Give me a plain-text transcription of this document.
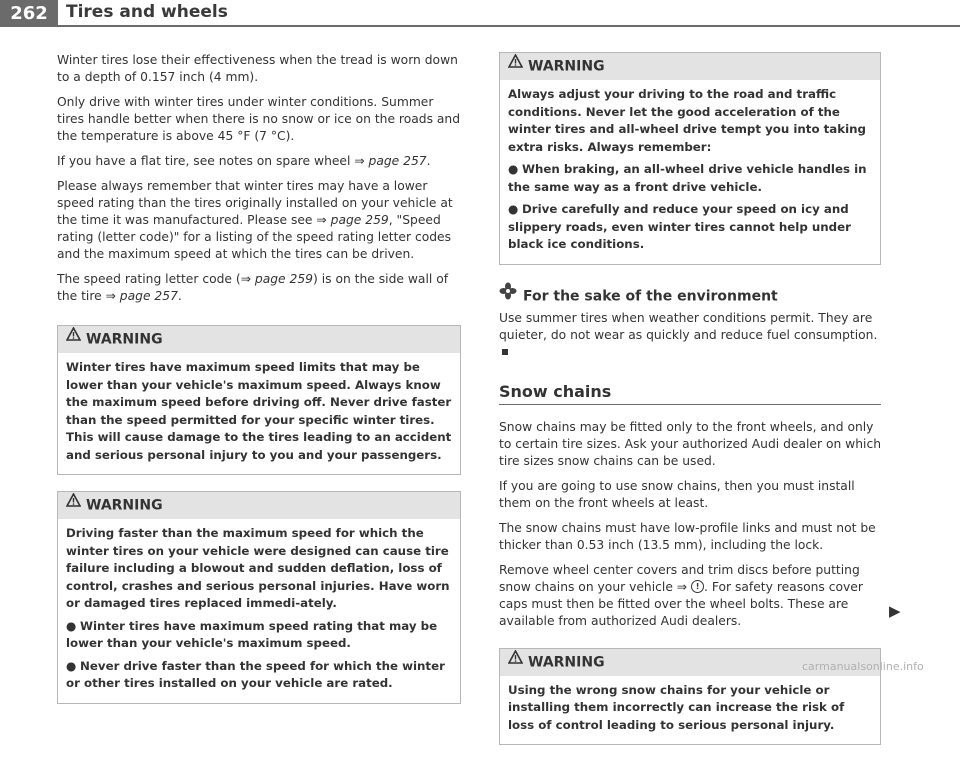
262	Tires and wheels

Winter tires lose their effectiveness when the tread is worn down to a depth of 0.157 inch (4 mm).

Only drive with winter tires under winter conditions. Summer tires handle better when there is no snow or ice on the roads and the temperature is above 45 °F (7 °C).

If you have a flat tire, see notes on spare wheel ⇒ page 257.

Please always remember that winter tires may have a lower speed rating than the tires originally installed on your vehicle at the time it was manufactured. Please see ⇒ page 259, "Speed rating (letter code)" for a listing of the speed rating letter codes and the maximum speed at which the tires can be driven.

The speed rating letter code (⇒ page 259) is on the side wall of the tire ⇒ page 257.

WARNING

Winter tires have maximum speed limits that may be lower than your vehicle's maximum speed. Always know the maximum speed before driving off. Never drive faster than the speed permitted for your specific winter tires. This will cause damage to the tires leading to an accident and serious personal injury to you and your passengers.

WARNING

Driving faster than the maximum speed for which the winter tires on your vehicle were designed can cause tire failure including a blowout and sudden deflation, loss of control, crashes and serious personal injuries. Have worn or damaged tires replaced immedi-ately.

● Winter tires have maximum speed rating that may be lower than your vehicle's maximum speed.
● Never drive faster than the speed for which the winter or other tires installed on your vehicle are rated.
WARNING

Always adjust your driving to the road and traffic conditions. Never let the good acceleration of the winter tires and all-wheel drive tempt you into taking extra risks. Always remember:

● When braking, an all-wheel drive vehicle handles in the same way as a front drive vehicle.
● Drive carefully and reduce your speed on icy and slippery roads, even winter tires cannot help under black ice conditions.
For the sake of the environment

Use summer tires when weather conditions permit. They are quieter, do not wear as quickly and reduce fuel consumption.

Snow chains

Snow chains may be fitted only to the front wheels, and only to certain tire sizes. Ask your authorized Audi dealer on which tire sizes snow chains can be used.

If you are going to use snow chains, then you must install them on the front wheels at least.

The snow chains must have low-profile links and must not be thicker than 0.53 inch (13.5 mm), including the lock.

Remove wheel center covers and trim discs before putting snow chains on your vehicle ⇒ ! . For safety reasons cover caps must then be fitted over the wheel bolts. These are available from authorized Audi dealers.

WARNING

Using the wrong snow chains for your vehicle or installing them incorrectly can increase the risk of loss of control leading to serious personal injury.

▶
carmanualsonline.info
